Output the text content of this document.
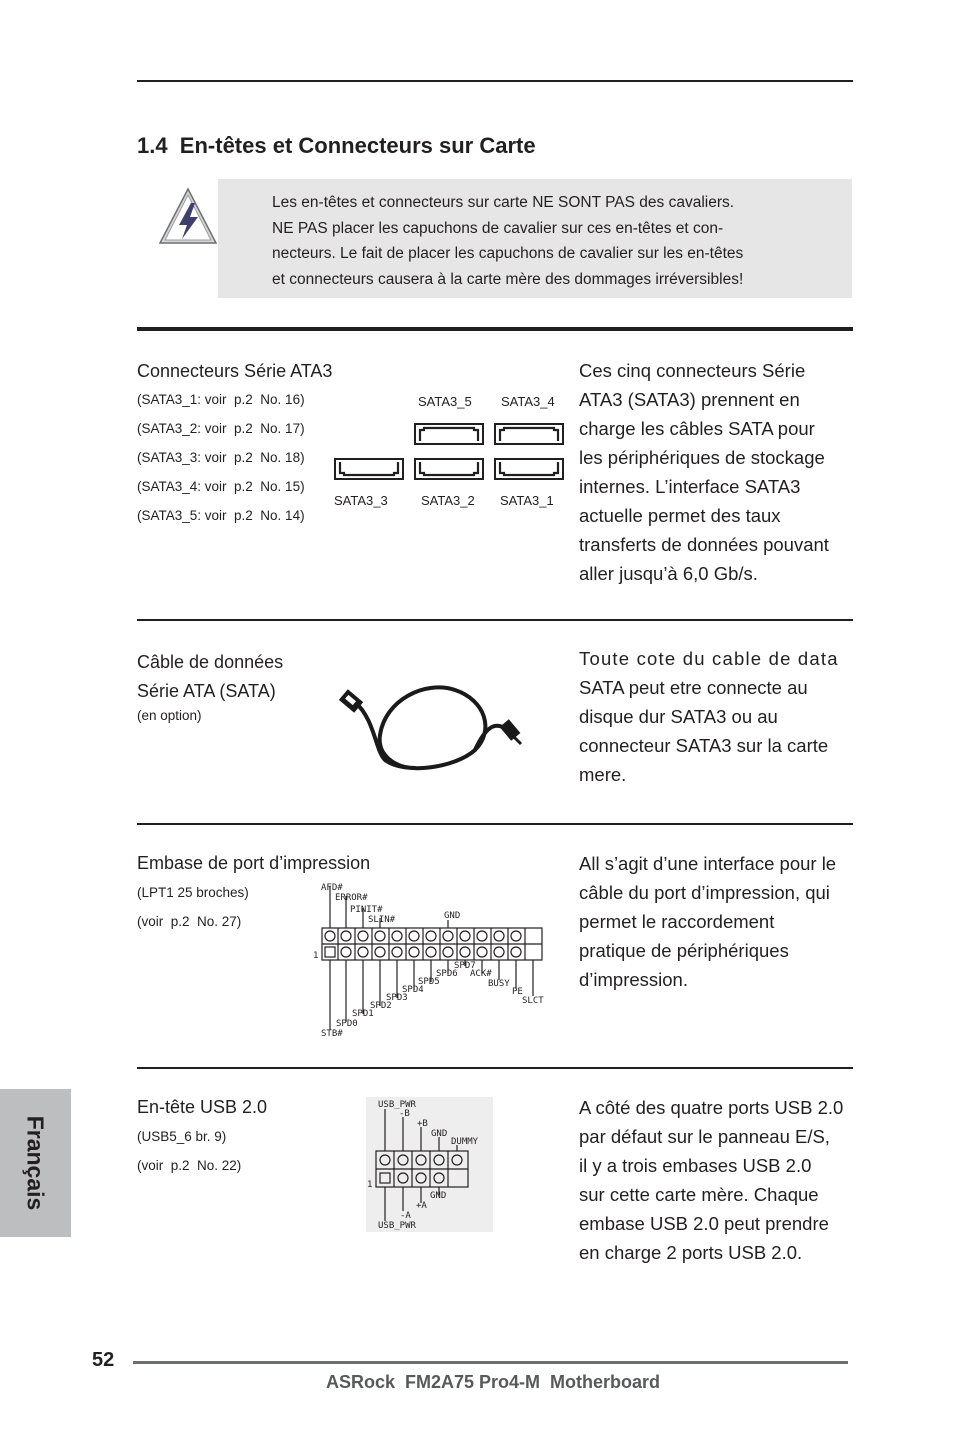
1.4  En-têtes et Connecteurs sur Carte
Les en-têtes et connecteurs sur carte NE SONT PAS des cavaliers.
NE PAS placer les capuchons de cavalier sur ces en-têtes et con-
necteurs. Le fait de placer les capuchons de cavalier sur les en-têtes
et connecteurs causera à la carte mère des dommages irréversibles!
Connecteurs Série ATA3
(SATA3_1: voir  p.2  No. 16)
(SATA3_2: voir  p.2  No. 17)
(SATA3_3: voir  p.2  No. 18)
(SATA3_4: voir  p.2  No. 15)
(SATA3_5: voir  p.2  No. 14)
SATA3_5 SATA3_4
SATA3_3	SATA3_2 SATA3_1
Ces cinq connecteurs Série
ATA3 (SATA3) prennent en
charge les câbles SATA pour
les périphériques de stockage
internes. L’interface SATA3
actuelle permet des taux
transferts de données pouvant
aller jusqu’à 6,0 Gb/s.
Câble de données
Série ATA (SATA)
(en option)
Toute cote du cable de data
SATA peut etre connecte au
disque dur SATA3 ou au
connecteur SATA3 sur la carte
mere.
Embase de port d’impression
(LPT1 25 broches)
(voir  p.2  No. 27)
AFD#
ERROR#
PINIT#
SLIN#	GND
1
SPD7
SPD6 ACK#
SPD5	BUSY
SPD4	PE
SPD3	SLCT
SPD2
SPD1
SPD0
STB#
All s’agit d’une interface pour le
câble du port d’impression, qui
permet le raccordement
pratique de périphériques
d’impression.
En-tête USB 2.0
(USB5_6 br. 9)
(voir  p.2  No. 22)
USB_PWR
-B
+B
GND
DUMMY
1
GND
+A
-A
USB_PWR
A côté des quatre ports USB 2.0
par défaut sur le panneau E/S,
il y a trois embases USB 2.0
sur cette carte mère. Chaque
embase USB 2.0 peut prendre
en charge 2 ports USB 2.0.
Français
52
ASRock  FM2A75 Pro4-M  Motherboard
